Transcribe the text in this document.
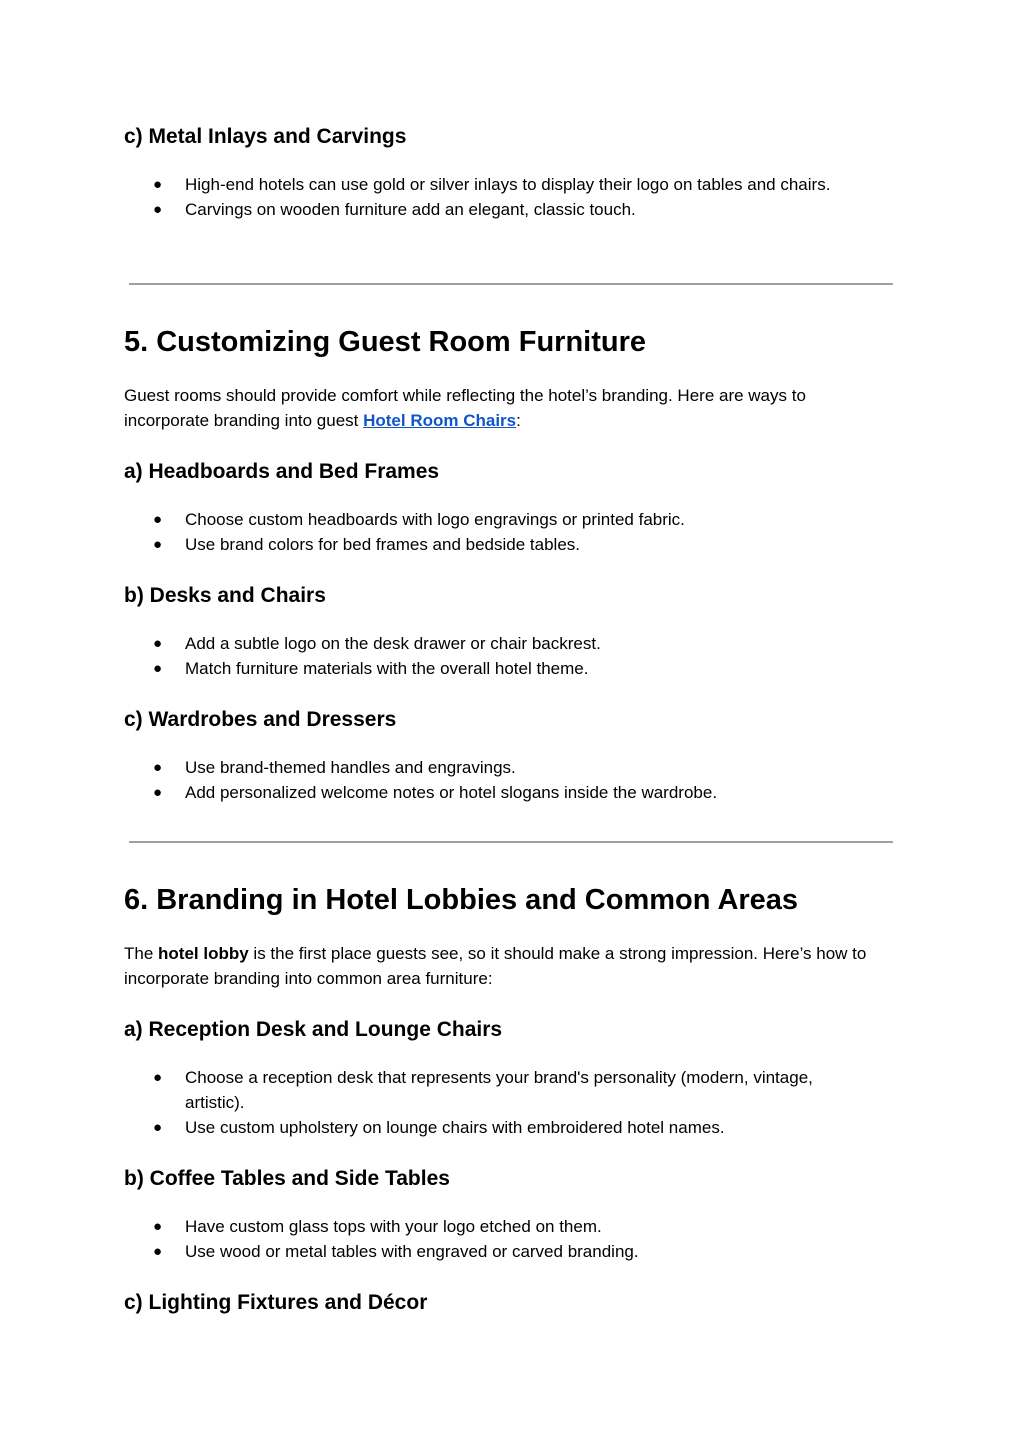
c) Metal Inlays and Carvings
● High-end hotels can use gold or silver inlays to display their logo on tables and chairs.
● Carvings on wooden furniture add an elegant, classic touch.
5. Customizing Guest Room Furniture

Guest rooms should provide comfort while reflecting the hotel’s branding. Here are ways to incorporate branding into guest Hotel Room Chairs:

a) Headboards and Bed Frames
● Choose custom headboards with logo engravings or printed fabric.
● Use brand colors for bed frames and bedside tables.
b) Desks and Chairs
● Add a subtle logo on the desk drawer or chair backrest.
● Match furniture materials with the overall hotel theme.
c) Wardrobes and Dressers
● Use brand-themed handles and engravings.
● Add personalized welcome notes or hotel slogans inside the wardrobe.
6. Branding in Hotel Lobbies and Common Areas

The hotel lobby is the first place guests see, so it should make a strong impression. Here’s how to incorporate branding into common area furniture:

a) Reception Desk and Lounge Chairs
● Choose a reception desk that represents your brand's personality (modern, vintage, artistic).
● Use custom upholstery on lounge chairs with embroidered hotel names.
b) Coffee Tables and Side Tables
● Have custom glass tops with your logo etched on them.
● Use wood or metal tables with engraved or carved branding.
c) Lighting Fixtures and Décor
